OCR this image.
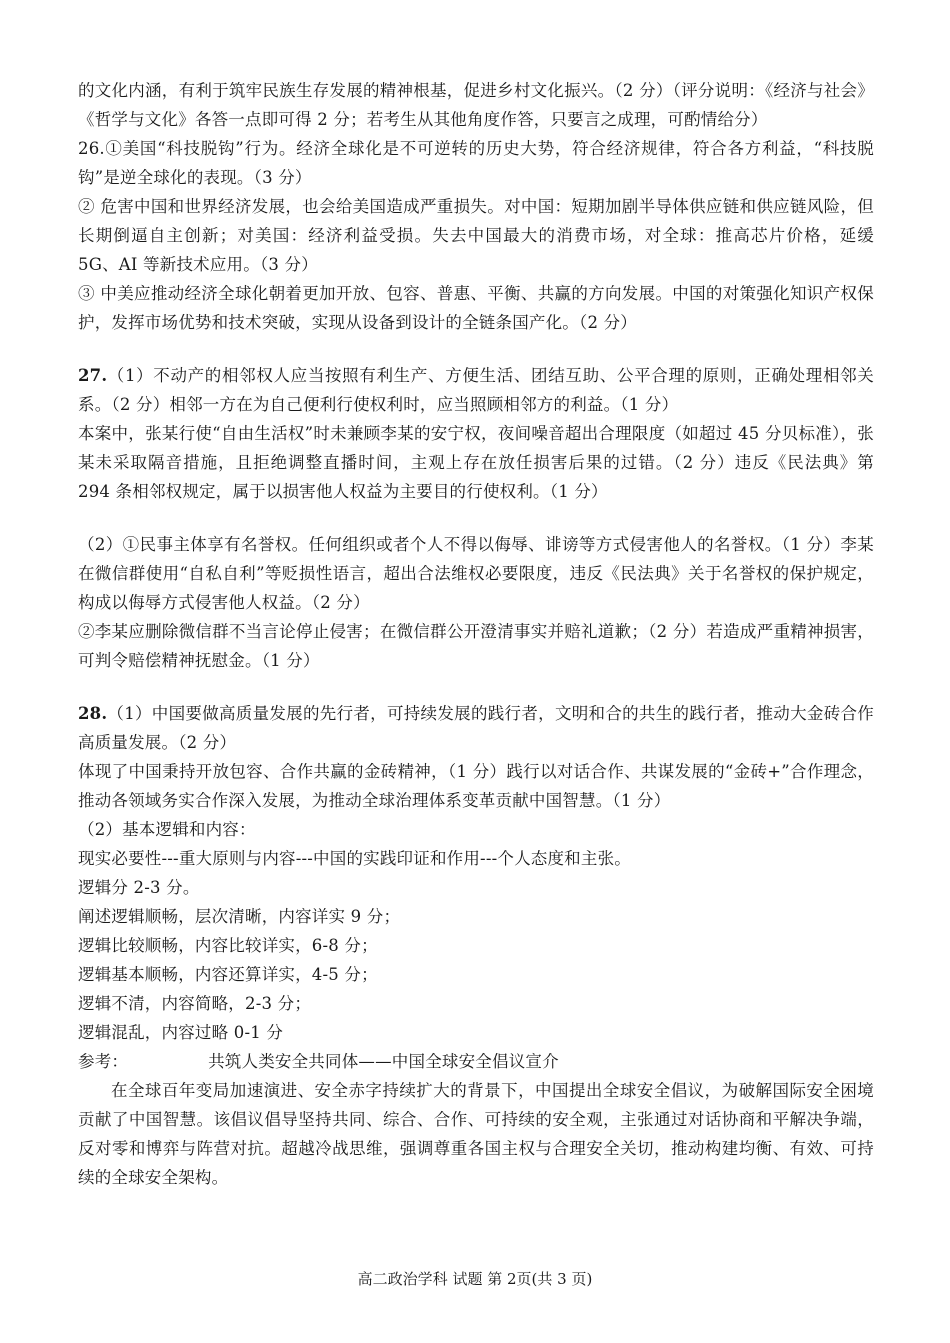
的文化内涵，有利于筑牢民族生存发展的精神根基，促进乡村文化振兴。（2 分）（评分说明：《经济与社会》《哲学与文化》各答一点即可得 2 分；若考生从其他角度作答，只要言之成理，可酌情给分）

26.①美国“科技脱钩”行为。经济全球化是不可逆转的历史大势，符合经济规律，符合各方利益，“科技脱钩”是逆全球化的表现。（3 分）

② 危害中国和世界经济发展，也会给美国造成严重损失。对中国：短期加剧半导体供应链和供应链风险，但长期倒逼自主创新；对美国：经济利益受损。失去中国最大的消费市场，对全球：推高芯片价格，延缓 5G、AI 等新技术应用。（3 分）

③ 中美应推动经济全球化朝着更加开放、包容、普惠、平衡、共赢的方向发展。中国的对策强化知识产权保护，发挥市场优势和技术突破，实现从设备到设计的全链条国产化。（2 分）

27.（1）不动产的相邻权人应当按照有利生产、方便生活、团结互助、公平合理的原则，正确处理相邻关系。（2 分）相邻一方在为自己便利行使权利时，应当照顾相邻方的利益。（1 分）

本案中，张某行使“自由生活权”时未兼顾李某的安宁权，夜间噪音超出合理限度（如超过 45 分贝标准），张某未采取隔音措施，且拒绝调整直播时间，主观上存在放任损害后果的过错。（2 分）违反《民法典》第 294 条相邻权规定，属于以损害他人权益为主要目的行使权利。（1 分）

（2）①民事主体享有名誉权。任何组织或者个人不得以侮辱、诽谤等方式侵害他人的名誉权。（1 分）李某在微信群使用“自私自利”等贬损性语言，超出合法维权必要限度，违反《民法典》关于名誉权的保护规定，构成以侮辱方式侵害他人权益。（2 分）

②李某应删除微信群不当言论停止侵害；在微信群公开澄清事实并赔礼道歉；（2 分）若造成严重精神损害，可判令赔偿精神抚慰金。（1 分）

28.（1）中国要做高质量发展的先行者，可持续发展的践行者，文明和合的共生的践行者，推动大金砖合作高质量发展。（2 分）

体现了中国秉持开放包容、合作共赢的金砖精神，（1 分）践行以对话合作、共谋发展的“金砖+”合作理念，推动各领域务实合作深入发展，为推动全球治理体系变革贡献中国智慧。（1 分）

（2）基本逻辑和内容：

现实必要性---重大原则与内容---中国的实践印证和作用---个人态度和主张。

逻辑分 2-3 分。

阐述逻辑顺畅，层次清晰，内容详实 9 分；

逻辑比较顺畅，内容比较详实，6-8 分；

逻辑基本顺畅，内容还算详实，4-5 分；

逻辑不清，内容简略，2-3 分；

逻辑混乱，内容过略 0-1 分

参考：	共筑人类安全共同体——中国全球安全倡议宣介

在全球百年变局加速演进、安全赤字持续扩大的背景下，中国提出全球安全倡议，为破解国际安全困境贡献了中国智慧。该倡议倡导坚持共同、综合、合作、可持续的安全观，主张通过对话协商和平解决争端，反对零和博弈与阵营对抗。超越冷战思维，强调尊重各国主权与合理安全关切，推动构建均衡、有效、可持续的全球安全架构。

高二政治学科 试题 第 2页(共 3 页)
